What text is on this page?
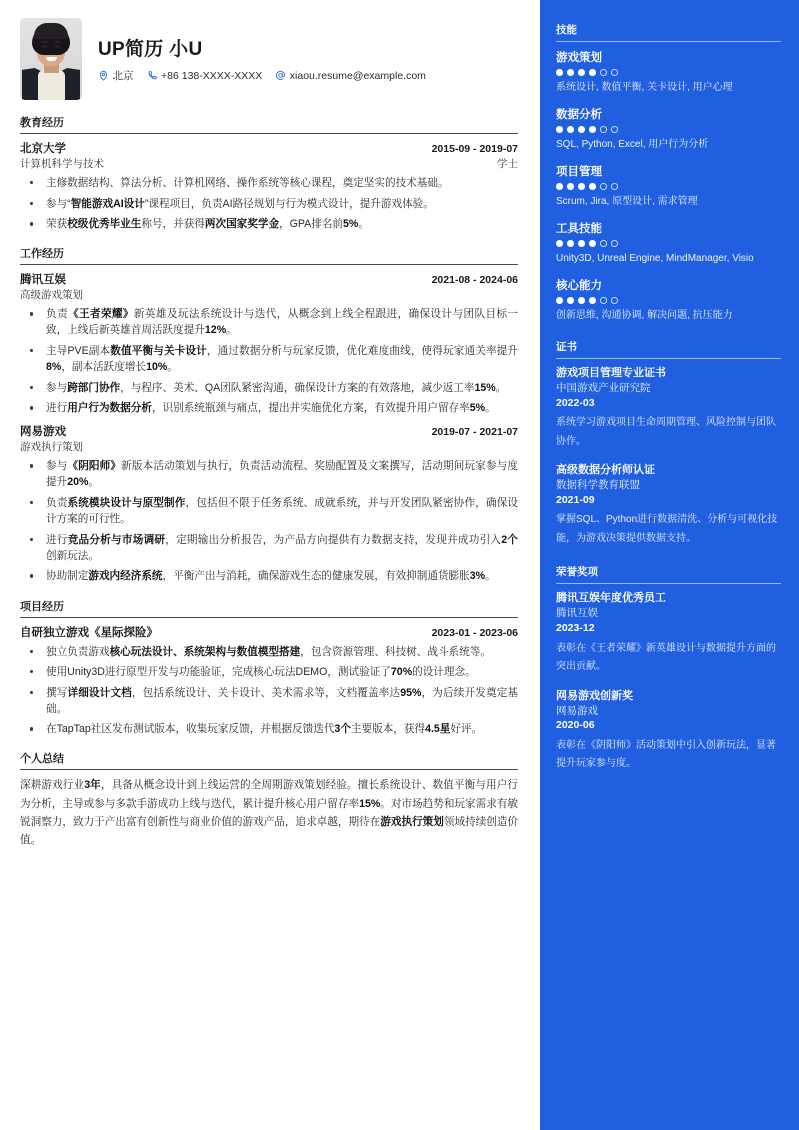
UP简历 小U
北京	+86 138-XXXX-XXXX	xiaou.resume@example.com
教育经历
北京大学	2015-09 - 2019-07
计算机科学与技术	学士
主修数据结构、算法分析、计算机网络、操作系统等核心课程，奠定坚实的技术基础。
参与“智能游戏AI设计”课程项目，负责AI路径规划与行为模式设计，提升游戏体验。
荣获校级优秀毕业生称号，并获得两次国家奖学金，GPA排名前5%。
工作经历
腾讯互娱	2021-08 - 2024-06
高级游戏策划
负责《王者荣耀》新英雄及玩法系统设计与迭代，从概念到上线全程跟进，确保设计与团队目标一致，上线后新英雄首周活跃度提升12%。
主导PVE副本数值平衡与关卡设计，通过数据分析与玩家反馈，优化难度曲线，使得玩家通关率提升8%，副本活跃度增长10%。
参与跨部门协作，与程序、美术、QA团队紧密沟通，确保设计方案的有效落地，减少返工率15%。
进行用户行为数据分析，识别系统瓶颈与痛点，提出并实施优化方案，有效提升用户留存率5%。
网易游戏	2019-07 - 2021-07
游戏执行策划
参与《阴阳师》新版本活动策划与执行，负责活动流程、奖励配置及文案撰写，活动期间玩家参与度提升20%。
负责系统模块设计与原型制作，包括但不限于任务系统、成就系统，并与开发团队紧密协作，确保设计方案的可行性。
进行竞品分析与市场调研，定期输出分析报告，为产品方向提供有力数据支持，发现并成功引入2个创新玩法。
协助制定游戏内经济系统，平衡产出与消耗，确保游戏生态的健康发展，有效抑制通货膨胀3%。
项目经历
自研独立游戏《星际探险》	2023-01 - 2023-06
独立负责游戏核心玩法设计、系统架构与数值模型搭建，包含资源管理、科技树、战斗系统等。
使用Unity3D进行原型开发与功能验证，完成核心玩法DEMO，测试验证了70%的设计理念。
撰写详细设计文档，包括系统设计、关卡设计、美术需求等，文档覆盖率达95%，为后续开发奠定基础。
在TapTap社区发布测试版本，收集玩家反馈，并根据反馈迭代3个主要版本，获得4.5星好评。
个人总结
深耕游戏行业3年，具备从概念设计到上线运营的全周期游戏策划经验。擅长系统设计、数值平衡与用户行为分析，主导或参与多款手游成功上线与迭代，累计提升核心用户留存率15%。对市场趋势和玩家需求有敏锐洞察力，致力于产出富有创新性与商业价值的游戏产品，追求卓越，期待在游戏执行策划领域持续创造价值。
技能
游戏策划
系统设计, 数值平衡, 关卡设计, 用户心理
数据分析
SQL, Python, Excel, 用户行为分析
项目管理
Scrum, Jira, 原型设计, 需求管理
工具技能
Unity3D, Unreal Engine, MindManager, Visio
核心能力
创新思维, 沟通协调, 解决问题, 抗压能力
证书
游戏项目管理专业证书
中国游戏产业研究院
2022-03
系统学习游戏项目生命周期管理、风险控制与团队协作。
高级数据分析师认证
数据科学教育联盟
2021-09
掌握SQL、Python进行数据清洗、分析与可视化技能，为游戏决策提供数据支持。
荣誉奖项
腾讯互娱年度优秀员工
腾讯互娱
2023-12
表彰在《王者荣耀》新英雄设计与数据提升方面的突出贡献。
网易游戏创新奖
网易游戏
2020-06
表彰在《阴阳师》活动策划中引入创新玩法，显著提升玩家参与度。
